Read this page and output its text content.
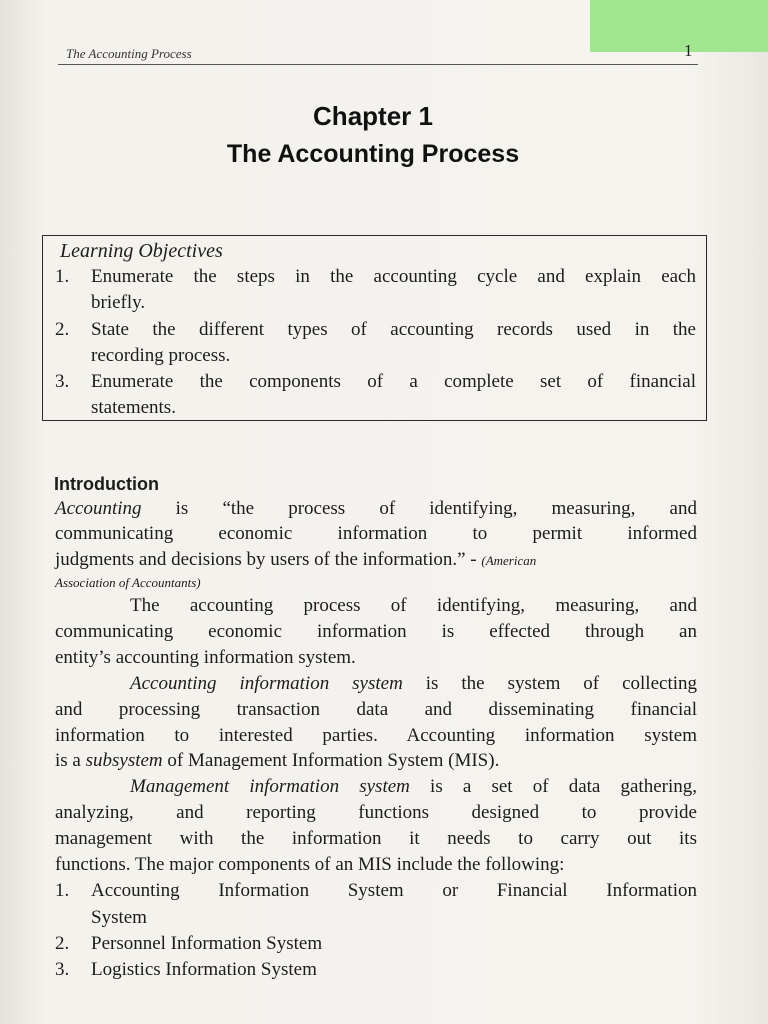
The Accounting Process	1
Chapter 1
The Accounting Process
Learning Objectives
1. Enumerate the steps in the accounting cycle and explain each
briefly.
2. State the different types of accounting records used in the
recording process.
3. Enumerate the components of a complete set of financial
statements.
Introduction
Accounting is “the process of identifying, measuring, and
communicating economic information to permit informed
judgments and decisions by users of the information.” - (American
Association of Accountants)
The accounting process of identifying, measuring, and
communicating economic information is effected through an
entity’s accounting information system.
Accounting information system is the system of collecting
and processing transaction data and disseminating financial
information to interested parties. Accounting information system
is a subsystem of Management Information System (MIS).
Management information system is a set of data gathering,
analyzing, and reporting functions designed to provide
management with the information it needs to carry out its
functions. The major components of an MIS include the following:
1. Accounting Information System or Financial Information
System
2. Personnel Information System
3. Logistics Information System
